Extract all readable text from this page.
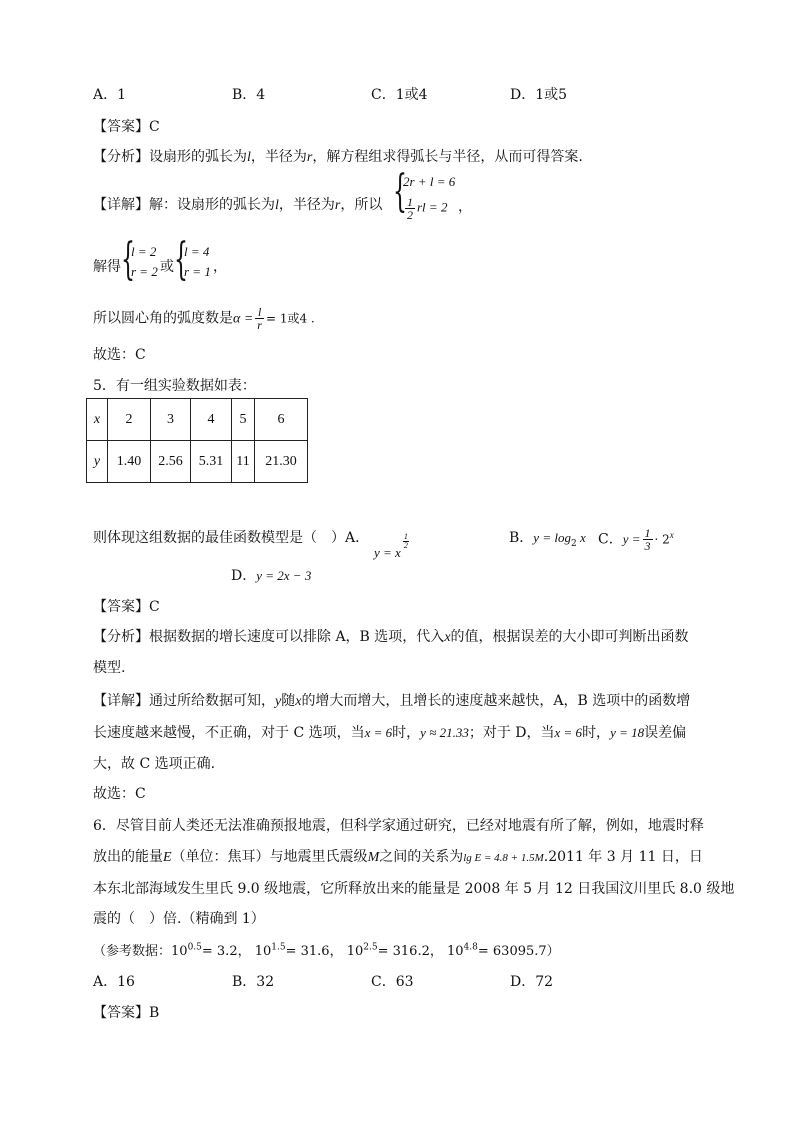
A．1	B．4	C．1或4	D．1或5
【答案】C
【分析】设扇形的弧长为l，半径为r，解方程组求得弧长与半径，从而可得答案.
【详解】解：设扇形的弧长为l，半径为r，所以 {
2r + l = 6
$\frac{1}{2}$ rl = 2 ，
解得 {
l = 2
r = 2 或 {
l = 4
r = 1 ，
所以圆心角的弧度数是$\alpha = \frac{l}{r} = 1$或4 .
故选：C
5．有一组实验数据如表：
x	2	3	4	5	6
y	1.40	2.56	5.31	11	21.30
则体现这组数据的最佳函数模型是（　）A．
y = x
$\frac{1}{2}$	B．$y = \log_2 x$ C．$y = \frac{1}{3} \cdot 2^x$
D．y = 2x − 3
【答案】C
【分析】根据数据的增长速度可以排除 A，B 选项，代入x的值，根据误差的大小即可判断出函数
模型.
【详解】通过所给数据可知，y随x的增大而增大，且增长的速度越来越快，A，B 选项中的函数增
长速度越来越慢，不正确，对于 C 选项，当x = 6时，y ≈ 21.33；对于 D，当x = 6时，y = 18误差偏
大，故 C 选项正确.
故选：C
6．尽管目前人类还无法准确预报地震，但科学家通过研究，已经对地震有所了解，例如，地震时释
放出的能量E（单位：焦耳）与地震里氏震级M之间的关系为lg E = 4.8 + 1.5M.2011 年 3 月 11 日，日
本东北部海域发生里氏 9.0 级地震，它所释放出来的能量是 2008 年 5 月 12 日我国汶川里氏 8.0 级地
震的（　）倍.（精确到 1）
（参考数据：$10^{0.5}= 3.2$， $10^{1.5}= 31.6$， $10^{2.5}= 316.2$， $10^{4.8}= 63095.7$）
A．16	B．32	C．63	D．72
【答案】B
